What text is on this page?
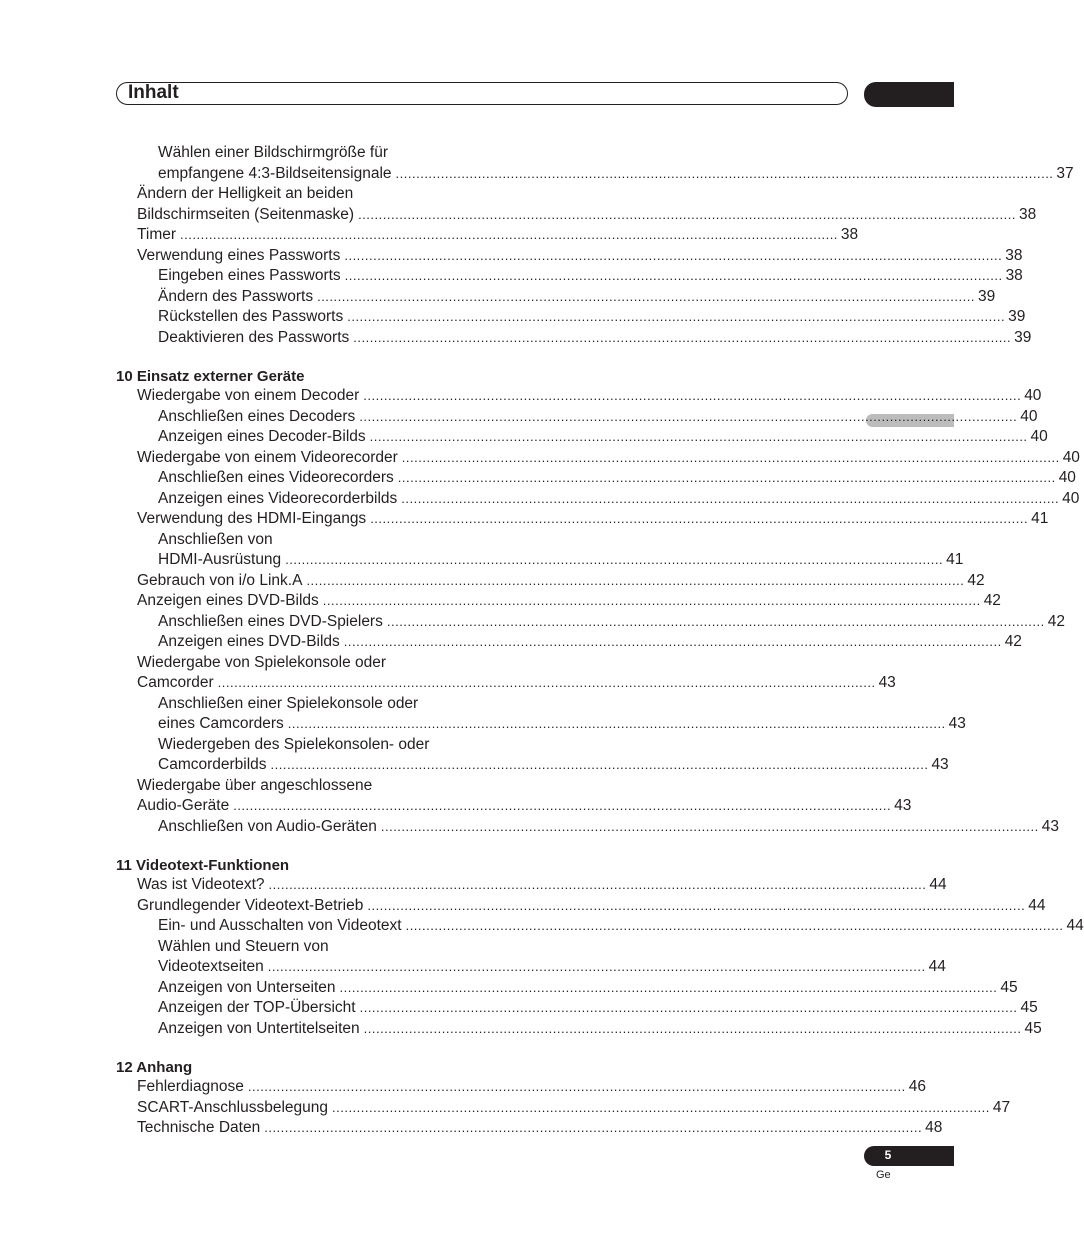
Inhalt
Wählen einer Bildschirmgröße für
empfangene 4:3-Bildseitensignale ................................................................................................................................................................ 37
Ändern der Helligkeit an beiden
Bildschirmseiten (Seitenmaske) ................................................................................................................................................................ 38
Timer ................................................................................................................................................................ 38
Verwendung eines Passworts ................................................................................................................................................................ 38
Eingeben eines Passworts ................................................................................................................................................................ 38
Ändern des Passworts ................................................................................................................................................................ 39
Rückstellen des Passworts ................................................................................................................................................................ 39
Deaktivieren des Passworts ................................................................................................................................................................ 39
10 Einsatz externer Geräte
Wiedergabe von einem Decoder ................................................................................................................................................................ 40
Anschließen eines Decoders ................................................................................................................................................................ 40
Anzeigen eines Decoder-Bilds ................................................................................................................................................................ 40
Wiedergabe von einem Videorecorder ................................................................................................................................................................ 40
Anschließen eines Videorecorders ................................................................................................................................................................ 40
Anzeigen eines Videorecorderbilds ................................................................................................................................................................ 40
Verwendung des HDMI-Eingangs ................................................................................................................................................................ 41
Anschließen von
HDMI-Ausrüstung ................................................................................................................................................................ 41
Gebrauch von i/o Link.A ................................................................................................................................................................ 42
Anzeigen eines DVD-Bilds ................................................................................................................................................................ 42
Anschließen eines DVD-Spielers ................................................................................................................................................................ 42
Anzeigen eines DVD-Bilds ................................................................................................................................................................ 42
Wiedergabe von Spielekonsole oder
Camcorder ................................................................................................................................................................ 43
Anschließen einer Spielekonsole oder
eines Camcorders ................................................................................................................................................................ 43
Wiedergeben des Spielekonsolen- oder
Camcorderbilds ................................................................................................................................................................ 43
Wiedergabe über angeschlossene
Audio-Geräte ................................................................................................................................................................ 43
Anschließen von Audio-Geräten ................................................................................................................................................................ 43
11 Videotext-Funktionen
Was ist Videotext? ................................................................................................................................................................ 44
Grundlegender Videotext-Betrieb ................................................................................................................................................................ 44
Ein- und Ausschalten von Videotext ................................................................................................................................................................ 44
Wählen und Steuern von
Videotextseiten ................................................................................................................................................................ 44
Anzeigen von Unterseiten ................................................................................................................................................................ 45
Anzeigen der TOP-Übersicht ................................................................................................................................................................ 45
Anzeigen von Untertitelseiten ................................................................................................................................................................ 45
12 Anhang
Fehlerdiagnose ................................................................................................................................................................ 46
SCART-Anschlussbelegung ................................................................................................................................................................ 47
Technische Daten ................................................................................................................................................................ 48
5
Ge
